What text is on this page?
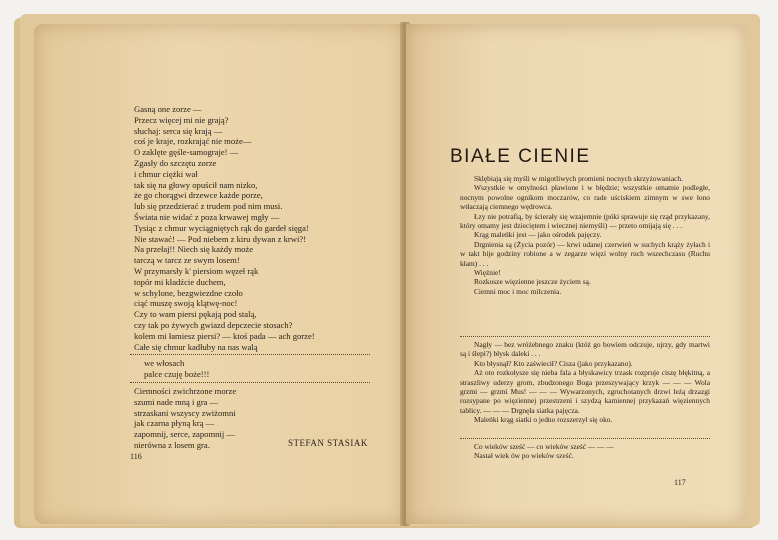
Gasną one zorze —
Przecz więcej mi nie grają?
słuchaj: serca się krają —
coś je kraje, rozkrająć nie może—
O zaklęte gęśle-samograje! —
Zgasły do szczętu zorze
i chmur ciężki wał
tak się na głowy opuścił nam nizko,
że go chorągwi drzewce każde porze,
lub się przedzierać z trudem pod nim musi.
Świata nie widać z poza krwawej mgły —
Tysiąc z chmur wyciągniętych rąk do gardeł sięga!
Nie stawać! — Pod niebem z kiru dywan z krwi?!
Na przełaj!! Niech się każdy może
tarczą w tarcz ze swym losem!
W przymarsły k' piersiom węzeł rąk
topór mi kładźcie duchem,
w schylone, bezgwiezdne czoło
ciąć muszę swoją klątwę-noc!
Czy to wam piersi pękają pod stalą,
czy tak po żywych gwiazd depczecie stosach?
kolem mi łamiesz piersi? — ktoś pada — ach gorze!
Całe się chmur kadłuby na nas walą
we włosach
palce czuję boże!!!
Ciemności zwichrzone morze
szumi nade mną i gra —
strzaskani wszyscy zwiżomni
jak czarna płyną krą —
zapomnij, serce, zapomnij —
nierówna z losem gra.	STEFAN STASIAK
116
BIAŁE CIENIE
Sklębiają się myśli w migotliwych promieni nocnych skrzyżowaniach.
Wszystkie w omylności pławione i w błędzie; wszystkie omamie podległe, nocnym powolne ognikom moczarów, co rade uściskiem zimnym w swe łono wtłaczają ciemnego wędrowca.
Łzy nie potrafią, by ścierały się wzajemnie (póki sprawuje się rząd przykazany, który omamy jest dzieciętem i wiecznej niemyśli) — przeto omijają się . . .
Krąg maleńki jest — jako ośrodek pajęczy.
Drgnienia są (Życia pozór) — krwi udanej czerwień w suchych krąży żyłach i w takt bije godziny robione a w zegarze więzi wolny ruch wszechczasu (Ruchu kłam) . . .
Więźnie!
Rozkosze więzienne jeszcze życiem są.
Ciemni moc i moc milczenia.
Nagły — bez wróżebnego znaku (któż go bowiem odczuje, ujrzy, gdy martwi są i ślepi?) błysk daleki . . .
Kto błysnął? Kto zaświecił? Cisza (jako przykazano).
Aż oto rozkołysze się nieba fala a błyskawicy trzask rozpruje ciszę błękitną, a straszliwy uderzy grom, zbudzonego Boga przeszywający krzyk — — — Wola grzmi — grzmi Mus! — — — Wywarzonych, zgruchotanych drzwi leżą drzazgi rozsypane po więziennej przestrzeni i szydzą kamiennej przykazań więziennych tablicy. — — — Drgnęła siatka pajęcza.
Maleńki krąg siatki o jedno rozszerzył się oko.
Co wieków sześć — co wieków sześć — — —
Nastał wiek ów po wieków sześć.
117
